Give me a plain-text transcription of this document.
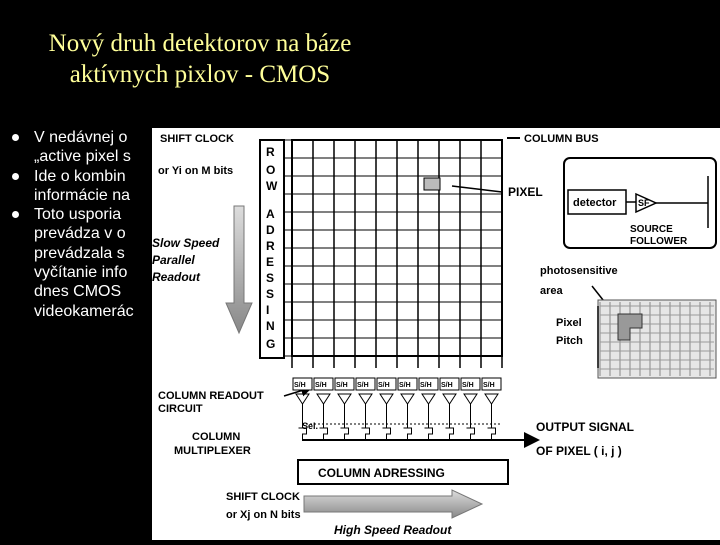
Nový druh detektorov na báze
aktívnych pixlov - CMOS
V nedávnej o
„active pixel s
Ide o kombin
informácie na
Toto usporia
prevádza v o
prevádzala s
vyčítanie info
dnes CMOS
videokamerác
SHIFT CLOCK
or Yi on M bits
Slow Speed
Parallel
Readout
R
O
W
A
D
R
E
S
S
I
N
G
COLUMN BUS
PIXEL
detector SF
SOURCE
FOLLOWER
photosensitive
area
Pixel
Pitch
COLUMN READOUT
CIRCUIT
S/H S/H S/H S/H S/H S/H S/H S/H S/H S/H
COLUMN
MULTIPLEXER
Sel.	OUTPUT SIGNAL
OF PIXEL ( i, j )
COLUMN ADRESSING
SHIFT CLOCK
or Xj on N bits
High Speed Readout
